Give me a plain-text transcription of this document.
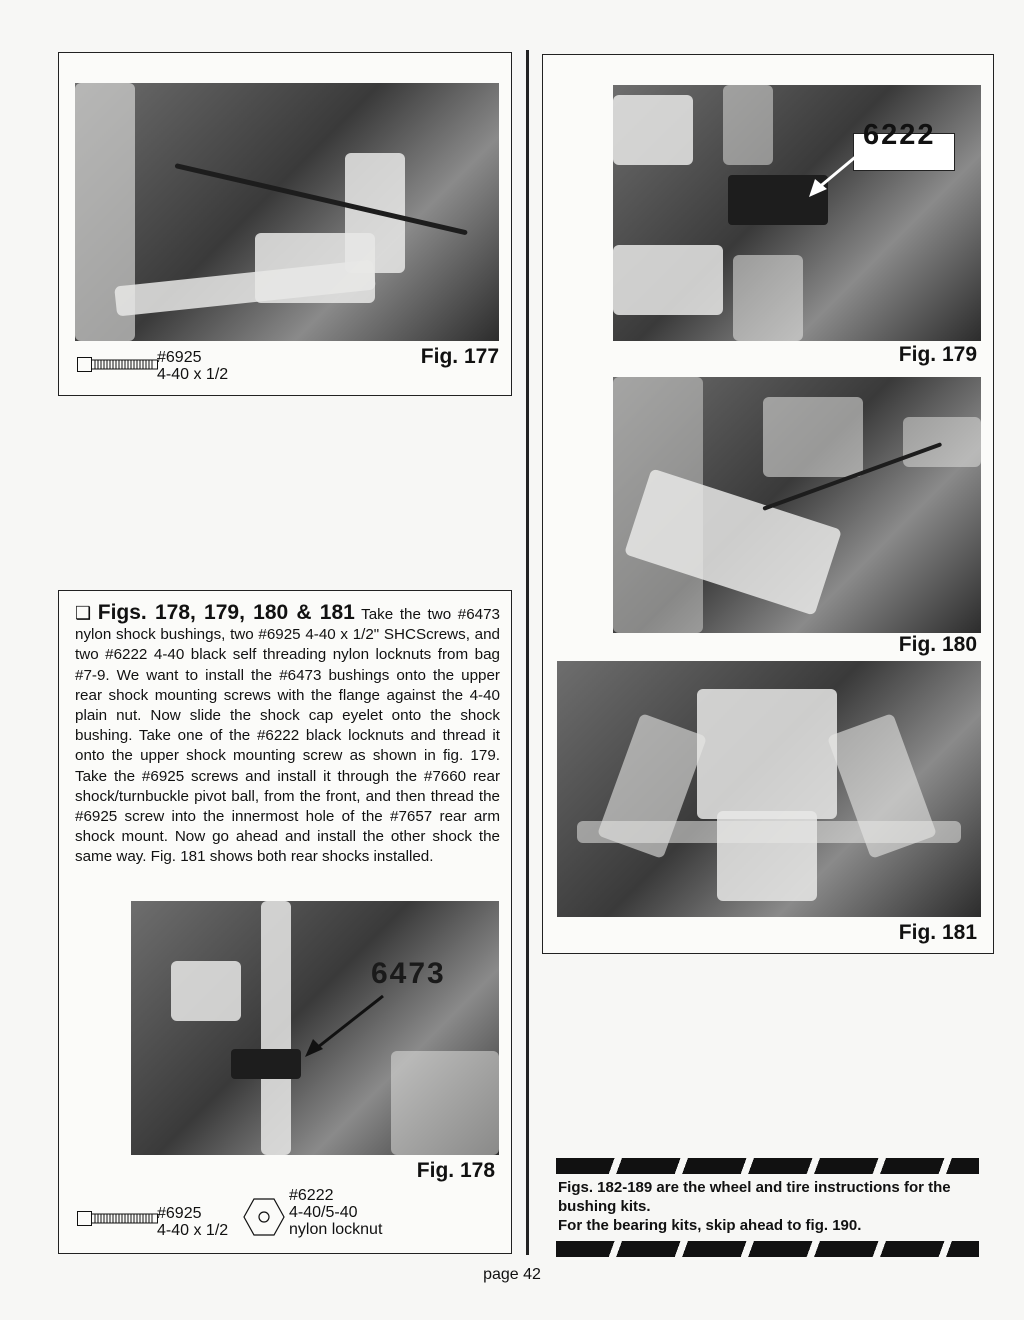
#6925
4-40 x 1/2
Fig. 177
❑ Figs. 178, 179, 180 & 181 Take the two #6473 nylon shock bushings, two #6925 4-40 x 1/2" SHCScrews, and two #6222 4-40 black self threading nylon locknuts from bag #7-9. We want to install the #6473 bushings onto the upper rear shock mounting screws with the flange against the 4-40 plain nut. Now slide the shock cap eyelet onto the shock bushing. Take one of the #6222 black locknuts and thread it onto the upper shock mounting screw as shown in fig. 179. Take the #6925 screws and install it through the #7660 rear shock/turnbuckle pivot ball, from the front, and then thread the #6925 screw into the innermost hole of the #7657 rear arm shock mount. Now go ahead and install the other shock the same way. Fig. 181 shows both rear shocks installed.
6473
Fig. 178
#6925
4-40 x 1/2
#6222
4-40/5-40
nylon locknut
6222
Fig. 179
Fig. 180
Fig. 181
Figs. 182-189 are the wheel and tire instructions for the bushing kits.
For the bearing kits, skip ahead to fig. 190.
page 42
